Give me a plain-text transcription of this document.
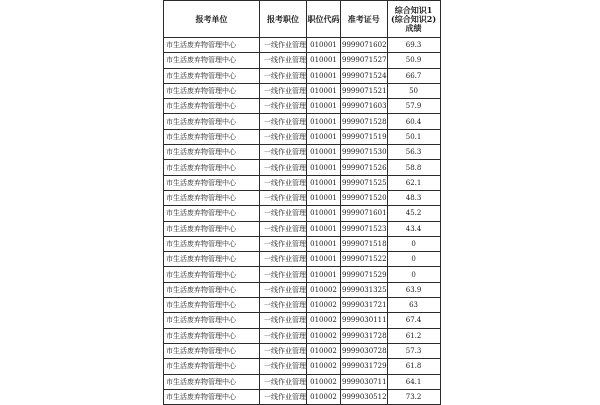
报考单位	报考职位	职位代码	准考证号	综合知识1
(综合知识2)
成绩

市生活废弃物管理中心	一线作业管理	010001	9999071602	69.3
市生活废弃物管理中心	一线作业管理	010001	9999071527	50.9
市生活废弃物管理中心	一线作业管理	010001	9999071524	66.7
市生活废弃物管理中心	一线作业管理	010001	9999071521	50
市生活废弃物管理中心	一线作业管理	010001	9999071603	57.9
市生活废弃物管理中心	一线作业管理	010001	9999071528	60.4
市生活废弃物管理中心	一线作业管理	010001	9999071519	50.1
市生活废弃物管理中心	一线作业管理	010001	9999071530	56.3
市生活废弃物管理中心	一线作业管理	010001	9999071526	58.8
市生活废弃物管理中心	一线作业管理	010001	9999071525	62.1
市生活废弃物管理中心	一线作业管理	010001	9999071520	48.3
市生活废弃物管理中心	一线作业管理	010001	9999071601	45.2
市生活废弃物管理中心	一线作业管理	010001	9999071523	43.4
市生活废弃物管理中心	一线作业管理	010001	9999071518	0
市生活废弃物管理中心	一线作业管理	010001	9999071522	0
市生活废弃物管理中心	一线作业管理	010001	9999071529	0
市生活废弃物管理中心	一线作业管理	010002	9999031325	63.9
市生活废弃物管理中心	一线作业管理	010002	9999031721	63
市生活废弃物管理中心	一线作业管理	010002	9999030111	67.4
市生活废弃物管理中心	一线作业管理	010002	9999031728	61.2
市生活废弃物管理中心	一线作业管理	010002	9999030728	57.3
市生活废弃物管理中心	一线作业管理	010002	9999031729	61.8
市生活废弃物管理中心	一线作业管理	010002	9999030711	64.1
市生活废弃物管理中心	一线作业管理	010002	9999030512	73.2
